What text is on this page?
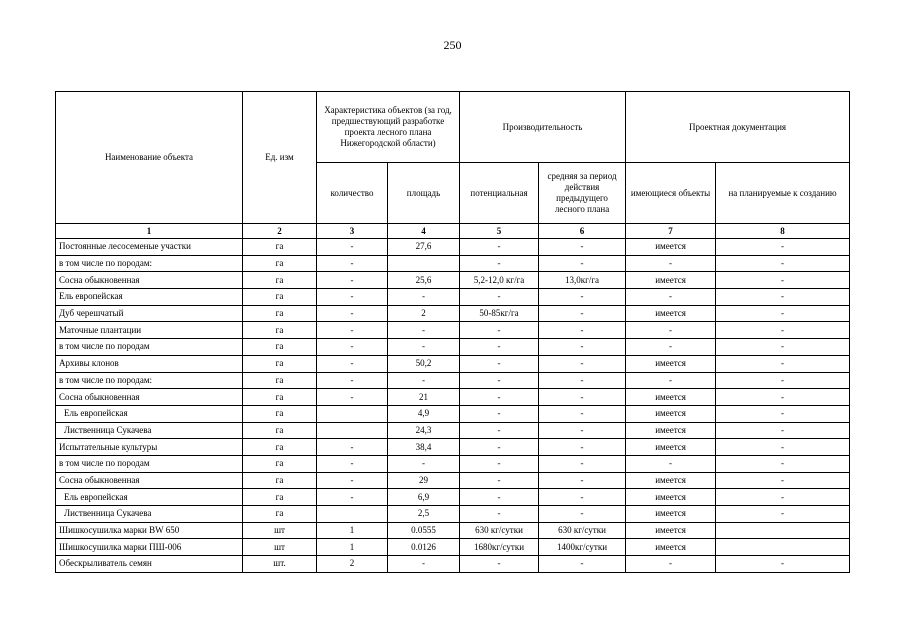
250
Наименование объекта	Ед. изм	Характеристика объектов (за год, предшествующий разработке проекта лесного плана Нижегородской области)		Производительность		Проектная документация	
		количество	площадь	потенциальная	средняя за период действия предыдущего лесного плана	имеющиеся объекты	на планируемые к созданию
1	2	3	4	5	6	7	8
Постоянные лесосеменые участки	га	-	27,6	-	-	имеется	-
в том числе по породам:	га	-		-	-	-	-
Сосна обыкновенная	га	-	25,6	5,2-12,0 кг/га	13,0кг/га	имеется	-
Ель европейская	га	-	-	-	-	-	-
Дуб черешчатый	га	-	2	50-85кг/га	-	имеется	-
Маточные плантации	га	-	-	-	-	-	-
в том числе по породам	га	-	-	-	-	-	-
Архивы клонов	га	-	50,2	-	-	имеется	-
в том числе по породам:	га	-	-	-	-	-	-
Сосна обыкновенная	га	-	21	-	-	имеется	-
Ель европейская	га		4,9	-	-	имеется	-
Лиственница Сукачева	га		24,3	-	-	имеется	-
Испытательные культуры	га	-	38,4	-	-	имеется	-
в том числе по породам	га	-	-	-	-	-	-
Сосна обыкновенная	га	-	29	-	-	имеется	-
Ель европейская	га	-	6,9	-	-	имеется	-
Лиственница Сукачева	га		2,5	-	-	имеется	-
Шишкосушилка марки BW 650	шт	1	0.0555	630 кг/сутки	630 кг/сутки	имеется	
Шишкосушилка марки ПШ-006	шт	1	0.0126	1680кг/сутки	1400кг/сутки	имеется	
Обескрыливатель семян	шт.	2	-	-	-	-	-
